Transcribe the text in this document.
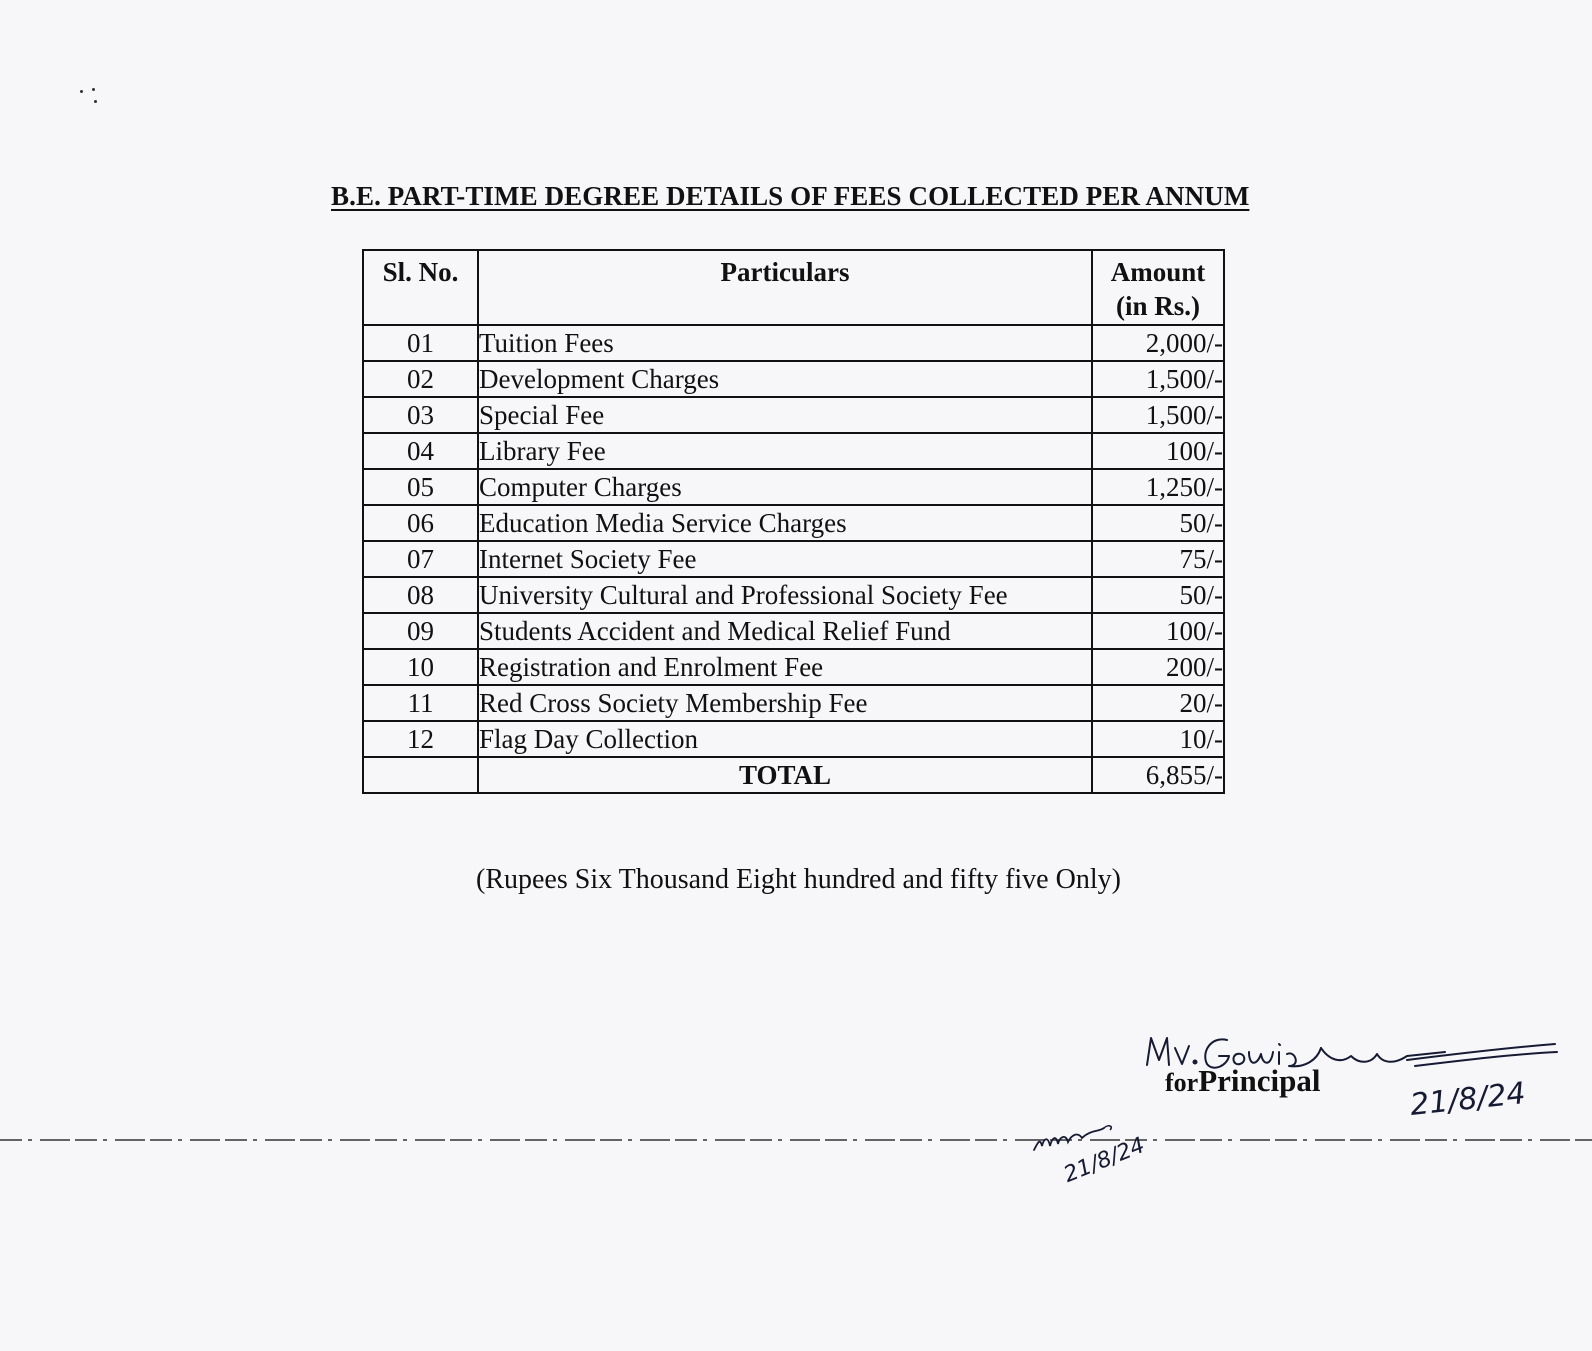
B.E. PART-TIME DEGREE DETAILS OF FEES COLLECTED PER ANNUM
Sl. No.	Particulars	Amount
(in Rs.)
01	Tuition Fees	2,000/-
02	Development Charges	1,500/-
03	Special Fee	1,500/-
04	Library Fee	100/-
05	Computer Charges	1,250/-
06	Education Media Service Charges	50/-
07	Internet Society Fee	75/-
08	University Cultural and Professional Society Fee	50/-
09	Students Accident and Medical Relief Fund	100/-
10	Registration and Enrolment Fee	200/-
11	Red Cross Society Membership Fee	20/-
12	Flag Day Collection	10/-
	TOTAL	6,855/-

(Rupees Six Thousand Eight hundred and fifty five Only)

forPrincipal	21/8/24
21/8/24
